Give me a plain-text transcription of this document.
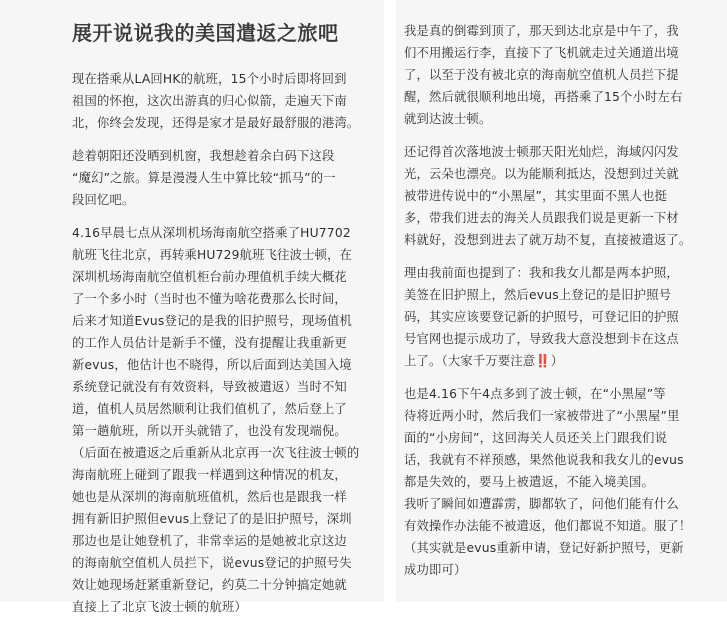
展开说说我的美国遣返之旅吧
现在搭乘从LA回HK的航班，15个小时后即将回到
祖国的怀抱，这次出游真的归心似箭，走遍天下南
北，你终会发现，还得是家才是最好最舒服的港湾。
趁着朝阳还没晒到机窗，我想趁着余白码下这段
“魔幻”之旅。算是漫漫人生中算比较“抓马”的一
段回忆吧。
4.16早晨七点从深圳机场海南航空搭乘了HU7702
航班飞往北京，再转乘HU729航班飞往波士顿，在
深圳机场海南航空值机柜台前办理值机手续大概花
了一个多小时（当时也不懂为啥花费那么长时间，
后来才知道Evus登记的是我的旧护照号，现场值机
的工作人员估计是新手不懂，没有提醒让我重新更
新evus，他估计也不晓得，所以后面到达美国入境
系统登记就没有有效资料，导致被遣返）当时不知
道，值机人员居然顺利让我们值机了，然后登上了
第一趟航班，所以开头就错了，也没有发现端倪。
（后面在被遣返之后重新从北京再一次飞往波士顿的
海南航班上碰到了跟我一样遇到这种情况的机友，
她也是从深圳的海南航班值机，然后也是跟我一样
拥有新旧护照但evus上登记了的是旧护照号，深圳
那边也是让她登机了，非常幸运的是她被北京这边
的海南航空值机人员拦下，说evus登记的护照号失
效让她现场赶紧重新登记，约莫二十分钟搞定她就
直接上了北京飞波士顿的航班）
我是真的倒霉到顶了，那天到达北京是中午了，我
们不用搬运行李，直接下了飞机就走过关通道出境
了，以至于没有被北京的海南航空值机人员拦下提
醒，然后就很顺利地出境，再搭乘了15个小时左右
就到达波士顿。
还记得首次落地波士顿那天阳光灿烂，海域闪闪发
光，云朵也漂亮。以为能顺利抵达，没想到过关就
被带进传说中的“小黑屋”，其实里面不黑人也挺
多，带我们进去的海关人员跟我们说是更新一下材
料就好，没想到进去了就万劫不复，直接被遣返了。
理由我前面也提到了：我和我女儿都是两本护照，
美签在旧护照上，然后evus上登记的是旧护照号
码，其实应该要登记新的护照号，可登记旧的护照
号官网也提示成功了，导致我大意没想到卡在这点
上了。（大家千万要注意‼️）
也是4.16下午4点多到了波士顿，在“小黑屋”等
待将近两小时，然后我们一家被带进了“小黑屋”里
面的“小房间”，这回海关人员还关上门跟我们说
话，我就有不祥预感，果然他说我和我女儿的evus
都是失效的，要马上被遣返，不能入境美国。
我听了瞬间如遭霹雳，脚都软了，问他们能有什么
有效操作办法能不被遣返，他们都说不知道。服了！
（其实就是evus重新申请，登记好新护照号，更新
成功即可）
